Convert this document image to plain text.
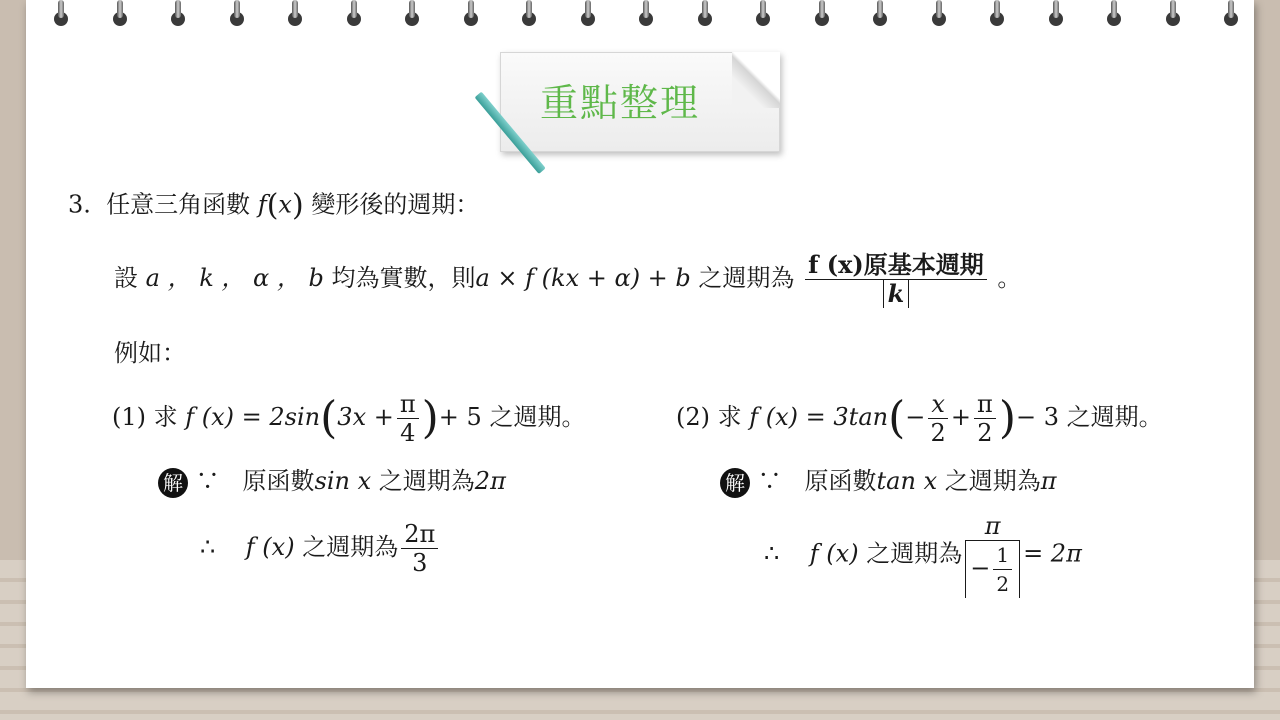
重點整理
3. 任意三角函數 f(x) 變形後的週期：
設 a ， k ， α ， b 均為實數，則a × f (kx + α) + b 之週期為 $\frac{\text{f (x)原基本週期}}{k}$ 。
例如：
(1) 求 f $(x) = 2\sin(3x + \frac{\pi}{4}$ )+ 5 之週期。
解 ∵ 原函數sin x 之週期為2π
∴ f (x) 之週期為 $\frac{2\pi}{3}$
(2) 求 f $(x) = 3\tan(- \frac{x}{2} + \frac{\pi}{2}$ )− 3 之週期。
解 ∵ 原函數tan x 之週期為π
∴ f (x) 之週期為 $\frac{\pi}{- \frac{1}{2}} = 2\pi$
